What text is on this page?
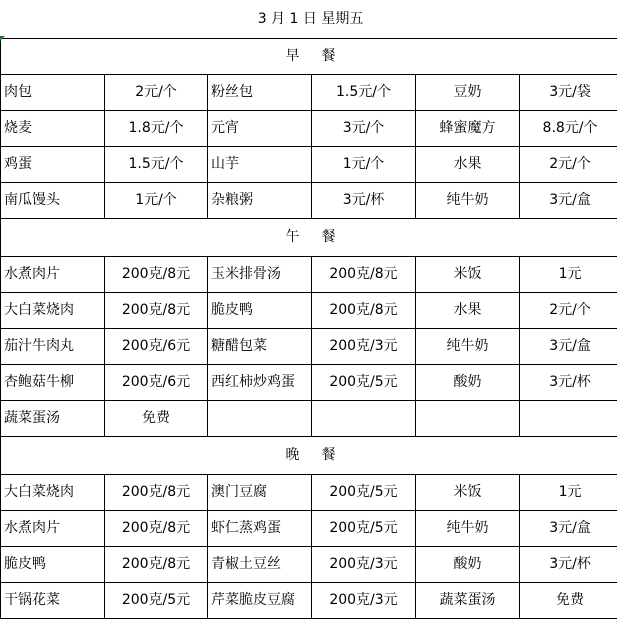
3 月 1 日 星期五					
早 餐					
肉包	2元/个	粉丝包	1.5元/个	豆奶	3元/袋
烧麦	1.8元/个	元宵	3元/个	蜂蜜魔方	8.8元/个
鸡蛋	1.5元/个	山芋	1元/个	水果	2元/个
南瓜馒头	1元/个	杂粮粥	3元/杯	纯牛奶	3元/盒
午 餐					
水煮肉片	200克/8元	玉米排骨汤	200克/8元	米饭	1元
大白菜烧肉	200克/8元	脆皮鸭	200克/8元	水果	2元/个
茄汁牛肉丸	200克/6元	糖醋包菜	200克/3元	纯牛奶	3元/盒
杏鲍菇牛柳	200克/6元	西红柿炒鸡蛋	200克/5元	酸奶	3元/杯
蔬菜蛋汤	免费				
晚 餐					
大白菜烧肉	200克/8元	澳门豆腐	200克/5元	米饭	1元
水煮肉片	200克/8元	虾仁蒸鸡蛋	200克/5元	纯牛奶	3元/盒
脆皮鸭	200克/8元	青椒土豆丝	200克/3元	酸奶	3元/杯
干锅花菜	200克/5元	芹菜脆皮豆腐	200克/3元	蔬菜蛋汤	免费
